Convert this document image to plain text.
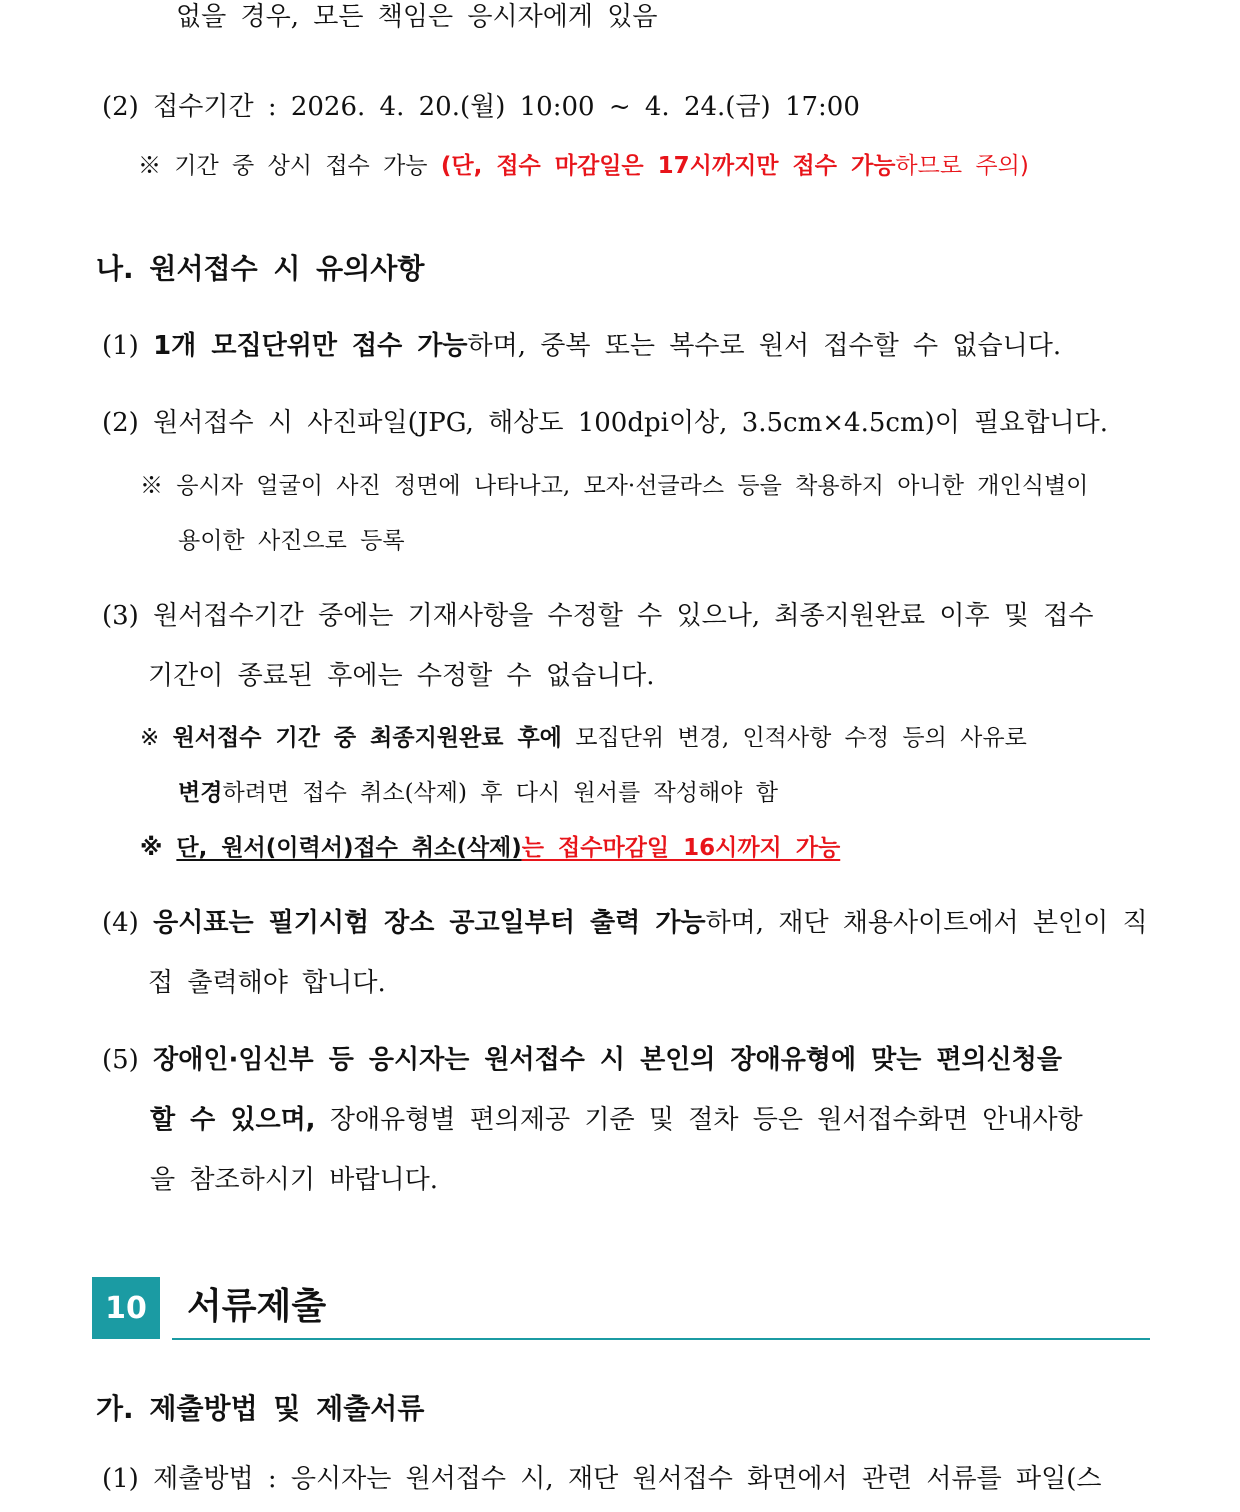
없을 경우, 모든 책임은 응시자에게 있음
(2) 접수기간 : 2026. 4. 20.(월) 10:00 ~ 4. 24.(금) 17:00
※ 기간 중 상시 접수 가능 (단, 접수 마감일은 17시까지만 접수 가능하므로 주의)
나. 원서접수 시 유의사항
(1) 1개 모집단위만 접수 가능하며, 중복 또는 복수로 원서 접수할 수 없습니다.
(2) 원서접수 시 사진파일(JPG, 해상도 100dpi이상, 3.5cm×4.5cm)이 필요합니다.
※ 응시자 얼굴이 사진 정면에 나타나고, 모자·선글라스 등을 착용하지 아니한 개인식별이
용이한 사진으로 등록
(3) 원서접수기간 중에는 기재사항을 수정할 수 있으나, 최종지원완료 이후 및 접수
기간이 종료된 후에는 수정할 수 없습니다.
※ 원서접수 기간 중 최종지원완료 후에 모집단위 변경, 인적사항 수정 등의 사유로
변경하려면 접수 취소(삭제) 후 다시 원서를 작성해야 함
※ 단, 원서(이력서)접수 취소(삭제)는 접수마감일 16시까지 가능
(4) 응시표는 필기시험 장소 공고일부터 출력 가능하며, 재단 채용사이트에서 본인이 직
접 출력해야 합니다.
(5) 장애인·임신부 등 응시자는 원서접수 시 본인의 장애유형에 맞는 편의신청을
할 수 있으며, 장애유형별 편의제공 기준 및 절차 등은 원서접수화면 안내사항
을 참조하시기 바랍니다.
10	서류제출
가. 제출방법 및 제출서류
(1) 제출방법 : 응시자는 원서접수 시, 재단 원서접수 화면에서 관련 서류를 파일(스
